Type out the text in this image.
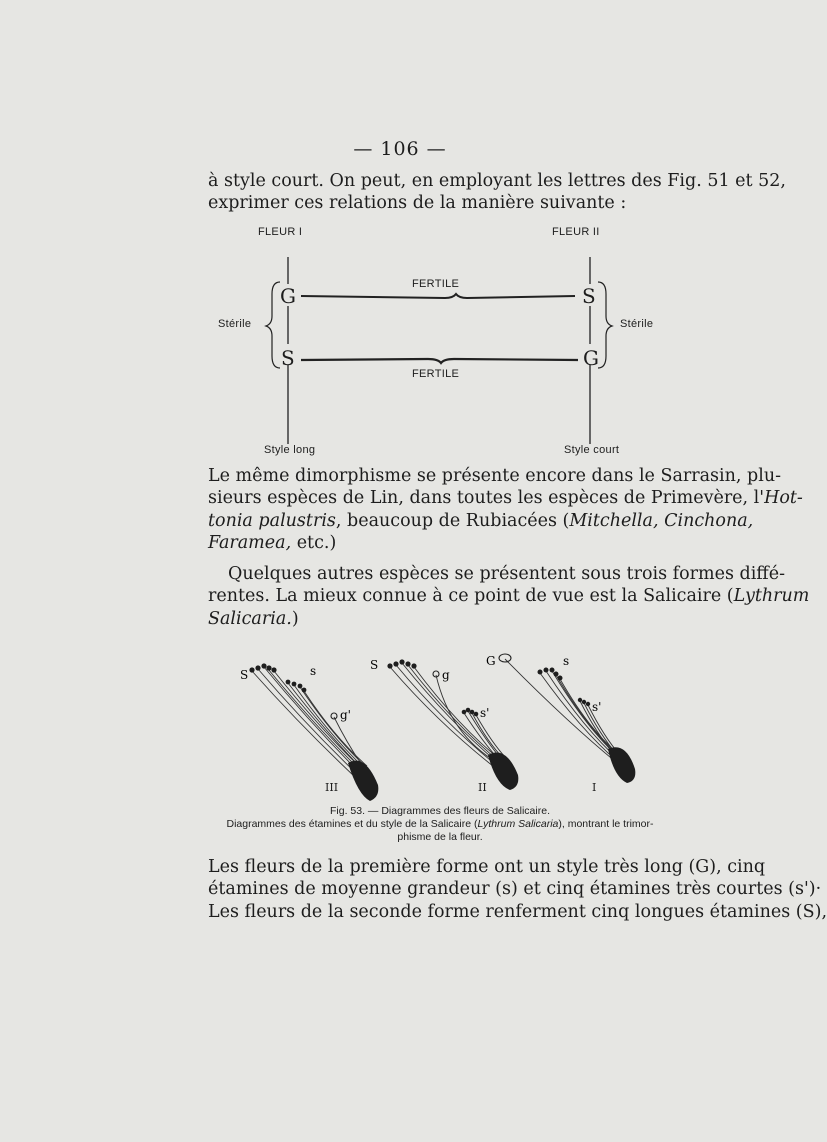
— 106 —
à style court. On peut, en employant les lettres des Fig. 51 et 52,
exprimer ces relations de la manière suivante :
FLEUR I	FLEUR II
FERTILE
FERTILE
Stérile	Stérile
G
S
S
G
Style long	Style court
Le même dimorphisme se présente encore dans le Sarrasin, plu-
sieurs espèces de Lin, dans toutes les espèces de Primevère, l'Hot-
tonia palustris, beaucoup de Rubiacées (Mitchella, Cinchona,
Faramea, etc.)
Quelques autres espèces se présentent sous trois formes diffé-
rentes. La mieux connue à ce point de vue est la Salicaire (Lythrum
Salicaria.)
S	s
g'
S
g
s'
G	s
s'
III	II	I
Fig. 53. — Diagrammes des fleurs de Salicaire.
Diagrammes des étamines et du style de la Salicaire (Lythrum Salicaria), montrant le trimor-
phisme de la fleur.
Les fleurs de la première forme ont un style très long (G), cinq
étamines de moyenne grandeur (s) et cinq étamines très courtes (s')·
Les fleurs de la seconde forme renferment cinq longues étamines (S),
